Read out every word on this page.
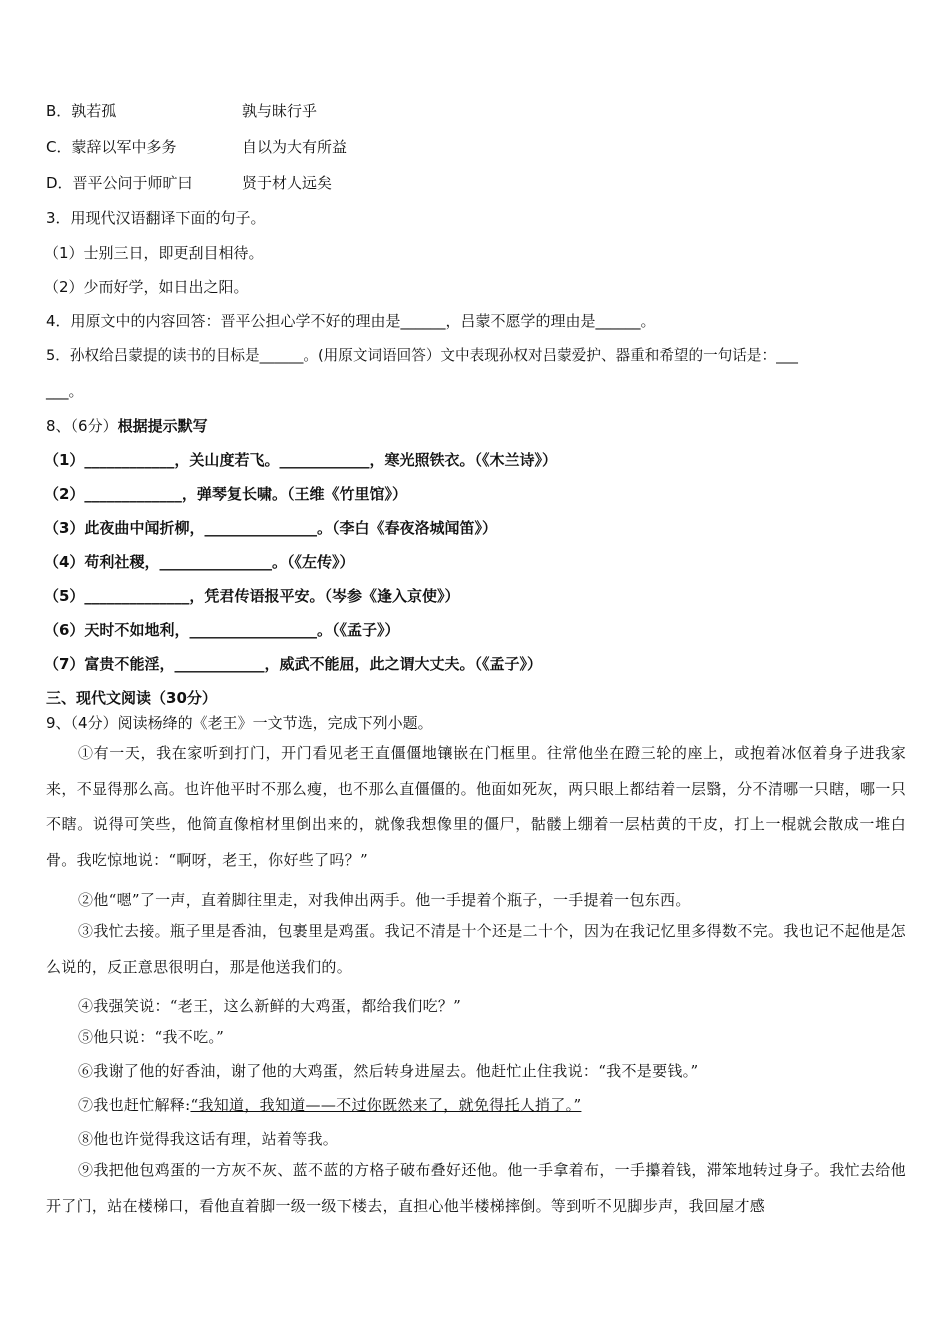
B．孰若孤	孰与昧行乎
C．蒙辞以军中多务	自以为大有所益
D．晋平公问于师旷曰	贤于材人远矣
3．用现代汉语翻译下面的句子。
（1）士别三日，即更刮目相待。
（2）少而好学，如日出之阳。
4．用原文中的内容回答：晋平公担心学不好的理由是______，吕蒙不愿学的理由是______。
5．孙权给吕蒙提的读书的目标是______。(用原文词语回答）文中表现孙权对吕蒙爱护、器重和希望的一句话是：___
___。
8、（6分）根据提示默写
（1）____________，关山度若飞。____________，寒光照铁衣。（《木兰诗》）
（2）_____________，弹琴复长啸。（王维《竹里馆》）
（3）此夜曲中闻折柳，_______________。（李白《春夜洛城闻笛》）
（4）苟利社稷，_______________。（《左传》）
（5）______________，凭君传语报平安。（岑参《逢入京使》）
（6）天时不如地利，_________________。（《孟子》）
（7）富贵不能淫，____________，威武不能屈，此之谓大丈夫。（《孟子》）
三、现代文阅读（30分）
9、（4分）阅读杨绛的《老王》一文节选，完成下列小题。
①有一天，我在家听到打门，开门看见老王直僵僵地镶嵌在门框里。往常他坐在蹬三轮的座上，或抱着冰伛着身子进我家来，不显得那么高。也许他平时不那么瘦，也不那么直僵僵的。他面如死灰，两只眼上都结着一层翳，分不清哪一只瞎，哪一只不瞎。说得可笑些，他简直像棺材里倒出来的，就像我想像里的僵尸，骷髅上绷着一层枯黄的干皮，打上一棍就会散成一堆白骨。我吃惊地说：“啊呀，老王，你好些了吗？”
②他“嗯”了一声，直着脚往里走，对我伸出两手。他一手提着个瓶子，一手提着一包东西。
③我忙去接。瓶子里是香油，包裹里是鸡蛋。我记不清是十个还是二十个，因为在我记忆里多得数不完。我也记不起他是怎么说的，反正意思很明白，那是他送我们的。
④我强笑说：“老王，这么新鲜的大鸡蛋，都给我们吃？”
⑤他只说：“我不吃。”
⑥我谢了他的好香油，谢了他的大鸡蛋，然后转身进屋去。他赶忙止住我说：“我不是要钱。”
⑦我也赶忙解释:“我知道，我知道——不过你既然来了，就免得托人捎了。”
⑧他也许觉得我这话有理，站着等我。
⑨我把他包鸡蛋的一方灰不灰、蓝不蓝的方格子破布叠好还他。他一手拿着布，一手攥着钱，滞笨地转过身子。我忙去给他开了门，站在楼梯口，看他直着脚一级一级下楼去，直担心他半楼梯摔倒。等到听不见脚步声，我回屋才感
